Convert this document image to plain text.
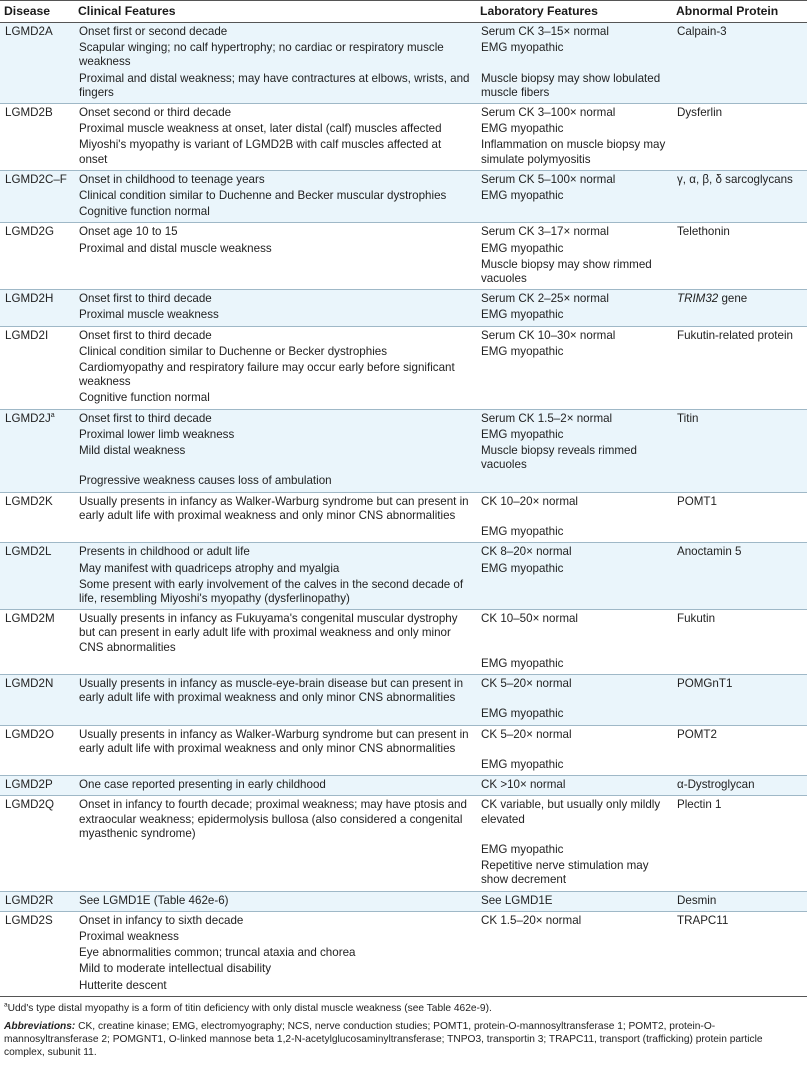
Disease	Clinical Features	Laboratory Features	Abnormal Protein
LGMD2A	Onset first or second decade	Serum CK 3–15× normal	Calpain-3
	Scapular winging; no calf hypertrophy; no cardiac or respiratory muscle weakness	EMG myopathic	
	Proximal and distal weakness; may have contractures at elbows, wrists, and fingers	Muscle biopsy may show lobulated muscle fibers	
LGMD2B	Onset second or third decade	Serum CK 3–100× normal	Dysferlin
	Proximal muscle weakness at onset, later distal (calf) muscles affected	EMG myopathic	
	Miyoshi's myopathy is variant of LGMD2B with calf muscles affected at onset	Inflammation on muscle biopsy may simulate polymyositis	
LGMD2C–F	Onset in childhood to teenage years	Serum CK 5–100× normal	γ, α, β, δ sarcoglycans
	Clinical condition similar to Duchenne and Becker muscular dystrophies	EMG myopathic	
	Cognitive function normal		
LGMD2G	Onset age 10 to 15	Serum CK 3–17× normal	Telethonin
	Proximal and distal muscle weakness	EMG myopathic	
		Muscle biopsy may show rimmed vacuoles	
LGMD2H	Onset first to third decade	Serum CK 2–25× normal	TRIM32 gene
	Proximal muscle weakness	EMG myopathic	
LGMD2I	Onset first to third decade	Serum CK 10–30× normal	Fukutin-related protein
	Clinical condition similar to Duchenne or Becker dystrophies	EMG myopathic	
	Cardiomyopathy and respiratory failure may occur early before significant weakness		
	Cognitive function normal		
LGMD2J$^a$	Onset first to third decade	Serum CK 1.5–2× normal	Titin
	Proximal lower limb weakness	EMG myopathic	
	Mild distal weakness	Muscle biopsy reveals rimmed vacuoles	
	Progressive weakness causes loss of ambulation		
LGMD2K	Usually presents in infancy as Walker-Warburg syndrome but can present in early adult life with proximal weakness and only minor CNS abnormalities	CK 10–20× normal	POMT1
		EMG myopathic	
LGMD2L	Presents in childhood or adult life	CK 8–20× normal	Anoctamin 5
	May manifest with quadriceps atrophy and myalgia	EMG myopathic	
	Some present with early involvement of the calves in the second decade of life, resembling Miyoshi's myopathy (dysferlinopathy)		
LGMD2M	Usually presents in infancy as Fukuyama's congenital muscular dystrophy but can present in early adult life with proximal weakness and only minor CNS abnormalities	CK 10–50× normal	Fukutin
		EMG myopathic	
LGMD2N	Usually presents in infancy as muscle-eye-brain disease but can present in early adult life with proximal weakness and only minor CNS abnormalities	CK 5–20× normal	POMGnT1
		EMG myopathic	
LGMD2O	Usually presents in infancy as Walker-Warburg syndrome but can present in early adult life with proximal weakness and only minor CNS abnormalities	CK 5–20× normal	POMT2
		EMG myopathic	
LGMD2P	One case reported presenting in early childhood	CK >10× normal	α-Dystroglycan
LGMD2Q	Onset in infancy to fourth decade; proximal weakness; may have ptosis and extraocular weakness; epidermolysis bullosa (also considered a congenital myasthenic syndrome)	CK variable, but usually only mildly elevated	Plectin 1
		EMG myopathic	
		Repetitive nerve stimulation may show decrement	
LGMD2R	See LGMD1E (Table 462e-6)	See LGMD1E	Desmin
LGMD2S	Onset in infancy to sixth decade	CK 1.5–20× normal	TRAPC11
	Proximal weakness		
	Eye abnormalities common; truncal ataxia and chorea		
	Mild to moderate intellectual disability		
	Hutterite descent		

$^a$Udd's type distal myopathy is a form of titin deficiency with only distal muscle weakness (see Table 462e-9).

Abbreviations: CK, creatine kinase; EMG, electromyography; NCS, nerve conduction studies; POMT1, protein-O-mannosyltransferase 1; POMT2, protein-O-mannosyltransferase 2; POMGNT1, O-linked mannose beta 1,2-N-acetylglucosaminyltransferase; TNPO3, transportin 3; TRAPC11, transport (trafficking) protein particle complex, subunit 11.
